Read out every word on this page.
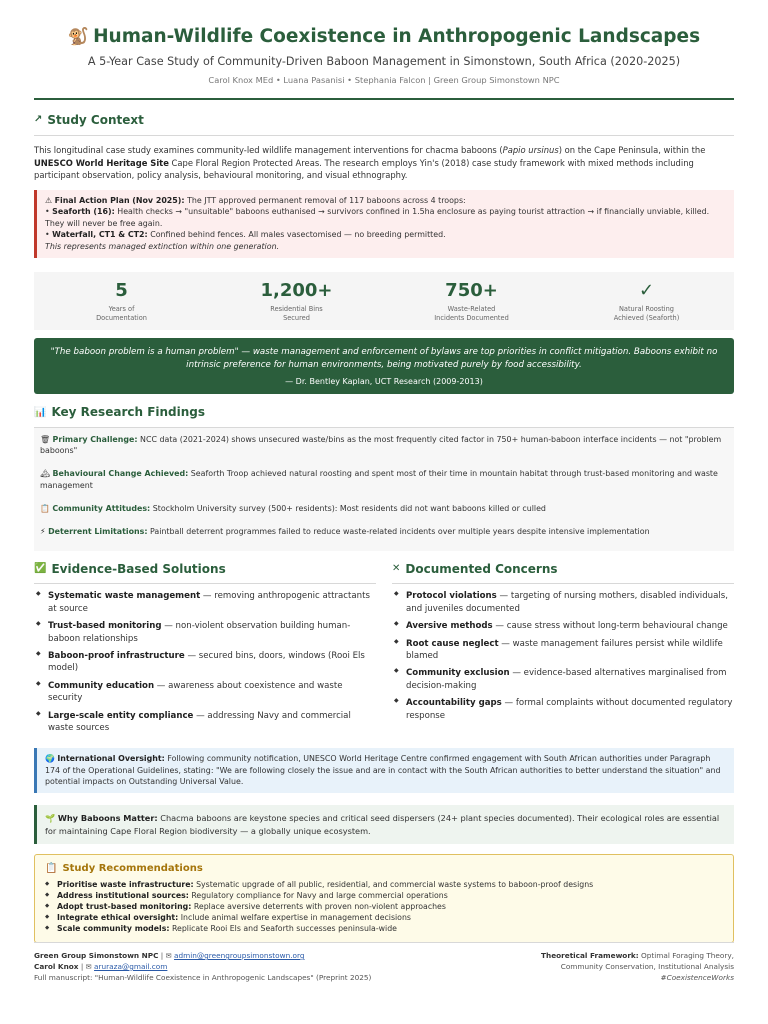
🐒 Human-Wildlife Coexistence in Anthropogenic Landscapes
A 5-Year Case Study of Community-Driven Baboon Management in Simonstown, South Africa (2020-2025)
Carol Knox MEd • Luana Pasanisi • Stephania Falcon | Green Group Simonstown NPC
↗ Study Context
This longitudinal case study examines community-led wildlife management interventions for chacma baboons (Papio ursinus) on the Cape Peninsula, within the UNESCO World Heritage Site Cape Floral Region Protected Areas. The research employs Yin's (2018) case study framework with mixed methods including participant observation, policy analysis, behavioural monitoring, and visual ethnography.
⚠ Final Action Plan (Nov 2025): The JTT approved permanent removal of 117 baboons across 4 troops:
• Seaforth (16): Health checks → "unsuitable" baboons euthanised → survivors confined in 1.5ha enclosure as paying tourist attraction → if financially unviable, killed. They will never be free again.
• Waterfall, CT1 & CT2: Confined behind fences. All males vasectomised — no breeding permitted.
This represents managed extinction within one generation.
5
Years of
Documentation
1,200+
Residential Bins
Secured
750+
Waste-Related
Incidents Documented
✓
Natural Roosting
Achieved (Seaforth)
"The baboon problem is a human problem" — waste management and enforcement of bylaws are top priorities in conflict mitigation. Baboons exhibit no intrinsic preference for human environments, being motivated purely by food accessibility.
— Dr. Bentley Kaplan, UCT Research (2009-2013)
📊 Key Research Findings
🗑 Primary Challenge: NCC data (2021-2024) shows unsecured waste/bins as the most frequently cited factor in 750+ human-baboon interface incidents — not "problem baboons"
🏔 Behavioural Change Achieved: Seaforth Troop achieved natural roosting and spent most of their time in mountain habitat through trust-based monitoring and waste management
📋 Community Attitudes: Stockholm University survey (500+ residents): Most residents did not want baboons killed or culled
⚡ Deterrent Limitations: Paintball deterrent programmes failed to reduce waste-related incidents over multiple years despite intensive implementation
✅ Evidence-Based Solutions
◆ Systematic waste management — removing anthropogenic attractants at source
◆ Trust-based monitoring — non-violent observation building human-baboon relationships
◆ Baboon-proof infrastructure — secured bins, doors, windows (Rooi Els model)
◆ Community education — awareness about coexistence and waste security
◆ Large-scale entity compliance — addressing Navy and commercial waste sources
✕ Documented Concerns
◆ Protocol violations — targeting of nursing mothers, disabled individuals, and juveniles documented
◆ Aversive methods — cause stress without long-term behavioural change
◆ Root cause neglect — waste management failures persist while wildlife blamed
◆ Community exclusion — evidence-based alternatives marginalised from decision-making
◆ Accountability gaps — formal complaints without documented regulatory response
🌍 International Oversight: Following community notification, UNESCO World Heritage Centre confirmed engagement with South African authorities under Paragraph 174 of the Operational Guidelines, stating: "We are following closely the issue and are in contact with the South African authorities to better understand the situation" and potential impacts on Outstanding Universal Value.
🌱 Why Baboons Matter: Chacma baboons are keystone species and critical seed dispersers (24+ plant species documented). Their ecological roles are essential for maintaining Cape Floral Region biodiversity — a globally unique ecosystem.
📋 Study Recommendations
◆ Prioritise waste infrastructure: Systematic upgrade of all public, residential, and commercial waste systems to baboon-proof designs
◆ Address institutional sources: Regulatory compliance for Navy and large commercial operations
◆ Adopt trust-based monitoring: Replace aversive deterrents with proven non-violent approaches
◆ Integrate ethical oversight: Include animal welfare expertise in management decisions
◆ Scale community models: Replicate Rooi Els and Seaforth successes peninsula-wide
Green Group Simonstown NPC | ✉ admin@greengroupsimonstown.org
Carol Knox | ✉ aruraza@gmail.com
Full manuscript: "Human-Wildlife Coexistence in Anthropogenic Landscapes" (Preprint 2025)
Theoretical Framework: Optimal Foraging Theory,
Community Conservation, Institutional Analysis
#CoexistenceWorks
